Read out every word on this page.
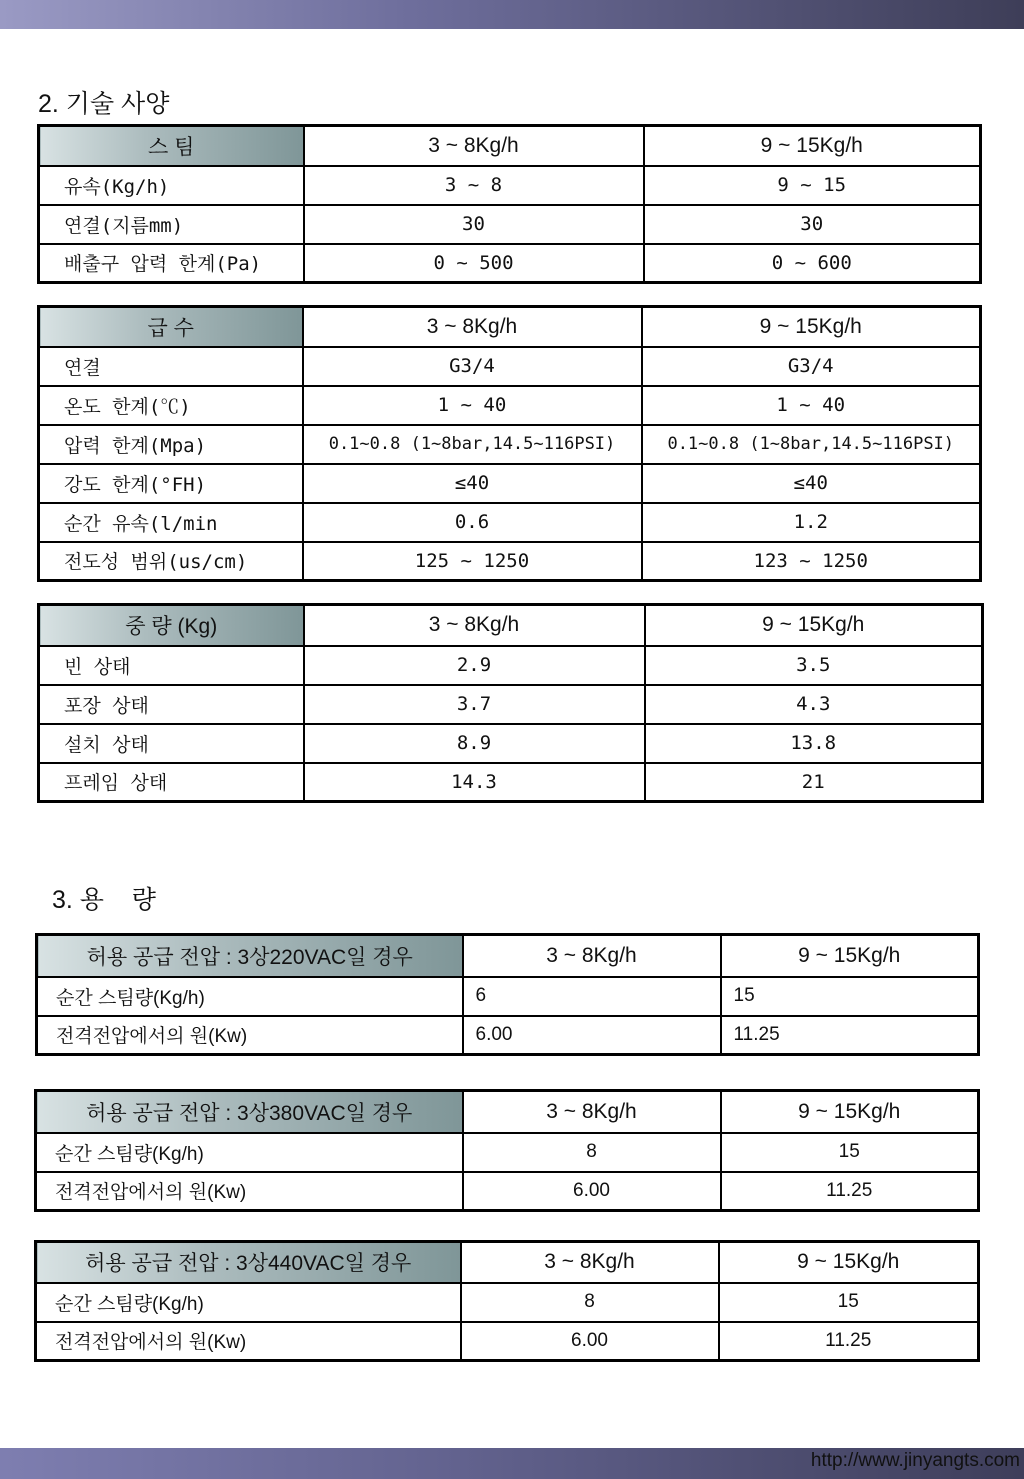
2. 기술 사양
스 팀	3 ~ 8Kg/h	9 ~ 15Kg/h
유속(Kg/h)	3 ~ 8	9 ~ 15
연결(지름mm)	30	30
배출구 압력 한계(Pa)	0 ~ 500	0 ~ 600
급 수	3 ~ 8Kg/h	9 ~ 15Kg/h
연결	G3/4	G3/4
온도 한계(℃)	1 ~ 40	1 ~ 40
압력 한계(Mpa)	0.1~0.8 (1~8bar,14.5~116PSI)	0.1~0.8 (1~8bar,14.5~116PSI)
강도 한계(°FH)	≤40	≤40
순간 유속(l/min	0.6	1.2
전도성 범위(us/cm)	125 ~ 1250	123 ~ 1250
중 량 (Kg)	3 ~ 8Kg/h	9 ~ 15Kg/h
빈 상태	2.9	3.5
포장 상태	3.7	4.3
설치 상태	8.9	13.8
프레임 상태	14.3	21
3. 용    량
허용 공급 전압 : 3상220VAC일 경우	3 ~ 8Kg/h	9 ~ 15Kg/h
순간 스팀량(Kg/h)	6	15
전격전압에서의 원(Kw)	6.00	11.25
허용 공급 전압 : 3상380VAC일 경우	3 ~ 8Kg/h	9 ~ 15Kg/h
순간 스팀량(Kg/h)	8	15
전격전압에서의 원(Kw)	6.00	11.25
허용 공급 전압 : 3상440VAC일 경우	3 ~ 8Kg/h	9 ~ 15Kg/h
순간 스팀량(Kg/h)	8	15
전격전압에서의 원(Kw)	6.00	11.25
http://www.jinyangts.com
